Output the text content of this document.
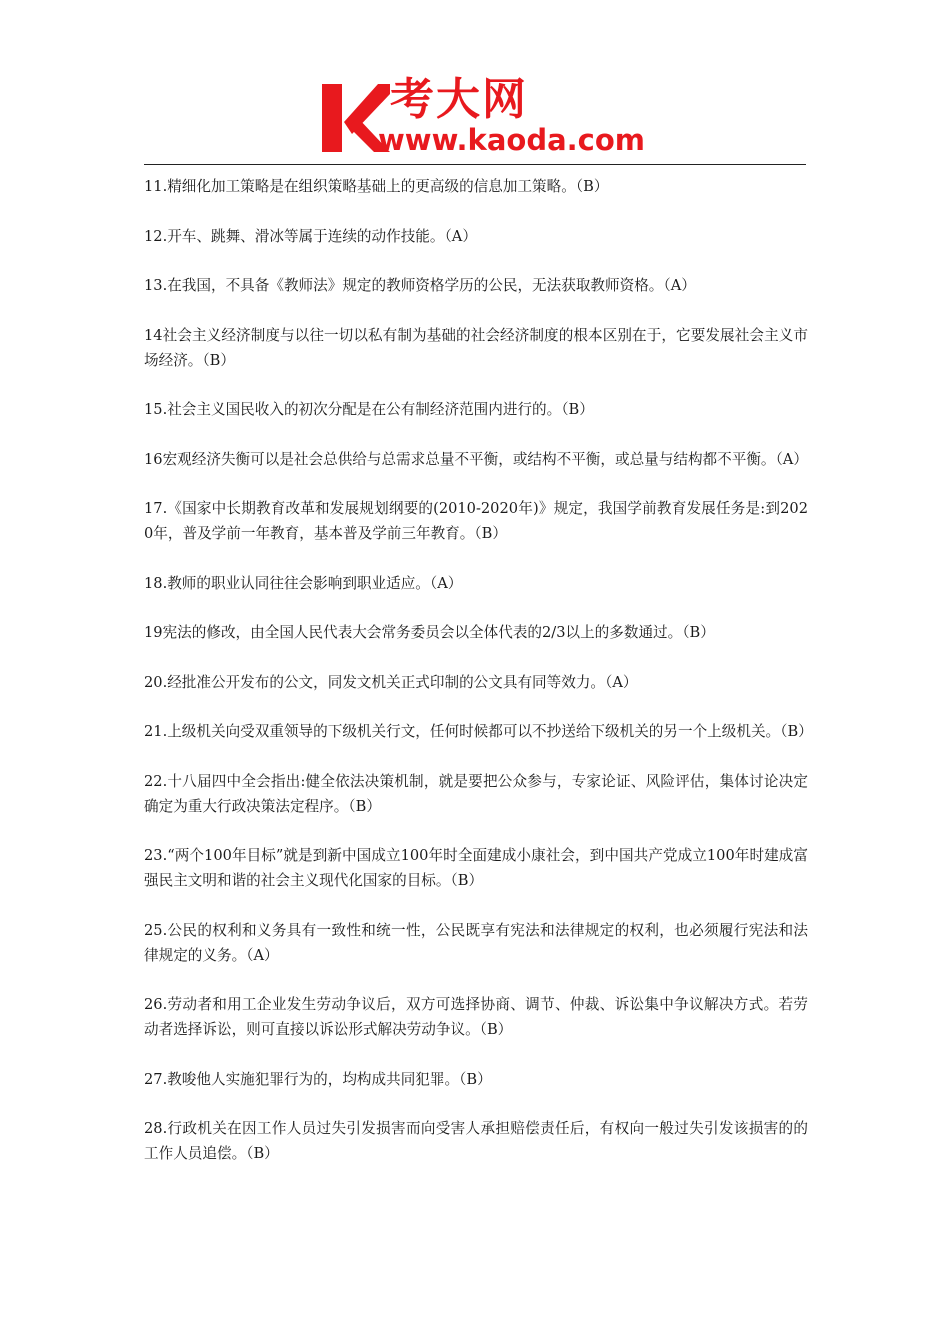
考大网
www.kaoda.com

11.精细化加工策略是在组织策略基础上的更高级的信息加工策略。（B）

12.开车、跳舞、滑冰等属于连续的动作技能。（A）

13.在我国，不具备《教师法》规定的教师资格学历的公民，无法获取教师资格。（A）

14社会主义经济制度与以往一切以私有制为基础的社会经济制度的根本区别在于，它要发展社会主义市场经济。（B）

15.社会主义国民收入的初次分配是在公有制经济范围内进行的。（B）

16宏观经济失衡可以是社会总供给与总需求总量不平衡，或结构不平衡，或总量与结构都不平衡。（A）

17.《国家中长期教育改革和发展规划纲要的(2010-2020年)》规定，我国学前教育发展任务是:到2020年，普及学前一年教育，基本普及学前三年教育。（B）

18.教师的职业认同往往会影响到职业适应。（A）

19宪法的修改，由全国人民代表大会常务委员会以全体代表的2/3以上的多数通过。（B）

20.经批准公开发布的公文，同发文机关正式印制的公文具有同等效力。（A）

21.上级机关向受双重领导的下级机关行文，任何时候都可以不抄送给下级机关的另一个上级机关。（B）

22.十八届四中全会指出:健全依法决策机制，就是要把公众参与，专家论证、风险评估，集体讨论决定确定为重大行政决策法定程序。（B）

23.“两个100年目标”就是到新中国成立100年时全面建成小康社会，到中国共产党成立100年时建成富强民主文明和谐的社会主义现代化国家的目标。（B）

25.公民的权利和义务具有一致性和统一性，公民既享有宪法和法律规定的权利，也必须履行宪法和法律规定的义务。（A）

26.劳动者和用工企业发生劳动争议后，双方可选择协商、调节、仲裁、诉讼集中争议解决方式。若劳动者选择诉讼，则可直接以诉讼形式解决劳动争议。（B）

27.教唆他人实施犯罪行为的，均构成共同犯罪。（B）

28.行政机关在因工作人员过失引发损害而向受害人承担赔偿责任后，有权向一般过失引发该损害的的工作人员追偿。（B）
